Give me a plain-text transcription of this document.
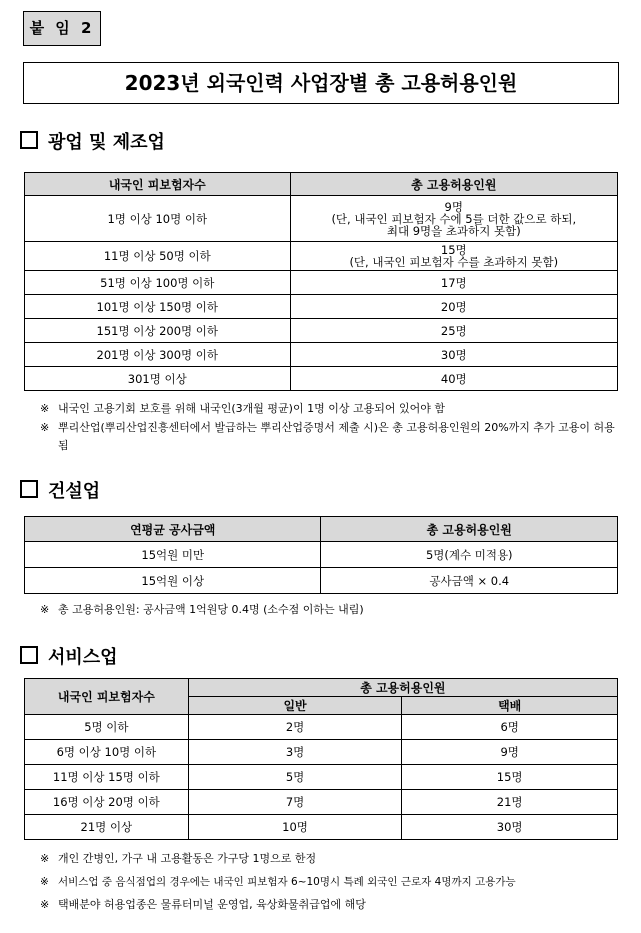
붙 임 2
2023년 외국인력 사업장별 총 고용허용인원
광업 및 제조업
내국인 피보험자수	총 고용허용인원
1명 이상 10명 이하	9명
(단, 내국인 피보험자 수에 5를 더한 값으로 하되,
최대 9명을 초과하지 못함)

11명 이상 50명 이하	15명
(단, 내국인 피보험자 수를 초과하지 못함)

51명 이상 100명 이하	17명
101명 이상 150명 이하	20명
151명 이상 200명 이하	25명
201명 이상 300명 이하	30명
301명 이상	40명
※ 내국인 고용기회 보호를 위해 내국인(3개월 평균)이 1명 이상 고용되어 있어야 함
※ 뿌리산업(뿌리산업진흥센터에서 발급하는 뿌리산업증명서 제출 시)은 총 고용허용인원의 20%까지 추가 고용이 허용됨
건설업
연평균 공사금액	총 고용허용인원
15억원 미만	5명(계수 미적용)
15억원 이상	공사금액 × 0.4
※ 총 고용허용인원: 공사금액 1억원당 0.4명 (소수점 이하는 내림)
서비스업
내국인 피보험자수	총 고용허용인원	
	일반	택배
5명 이하	2명	6명
6명 이상 10명 이하	3명	9명
11명 이상 15명 이하	5명	15명
16명 이상 20명 이하	7명	21명
21명 이상	10명	30명
※ 개인 간병인, 가구 내 고용활동은 가구당 1명으로 한정
※ 서비스업 중 음식점업의 경우에는 내국인 피보험자 6~10명시 특례 외국인 근로자 4명까지 고용가능
※ 택배분야 허용업종은 물류터미널 운영업, 육상화물취급업에 해당
